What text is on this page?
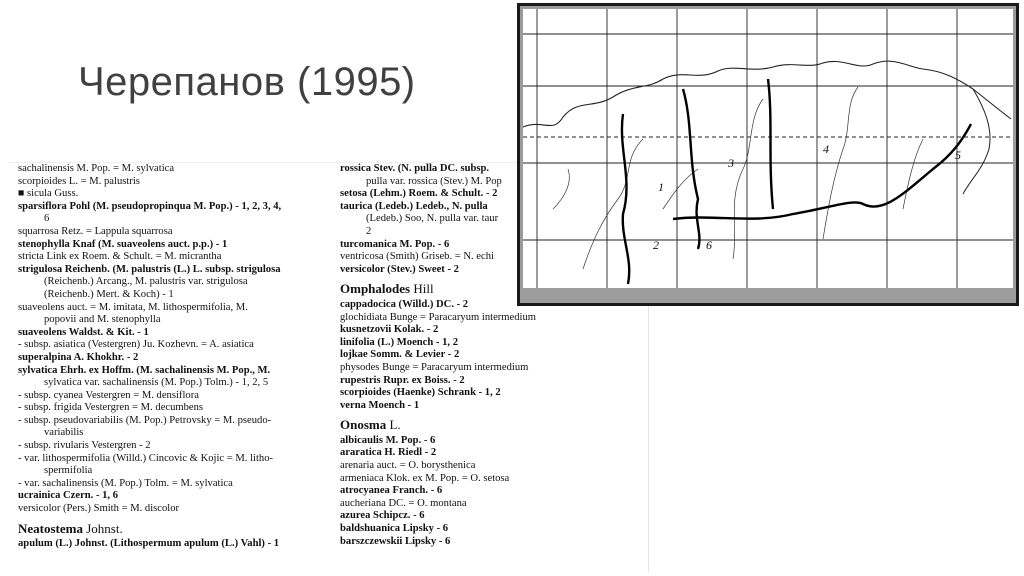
Черепанов (1995)
sachalinensis M. Pop. = M. sylvatica
scorpioides L. = M. palustris
■ sicula Guss.
sparsiflora Pohl (M. pseudopropinqua M. Pop.) - 1, 2, 3, 4,
6
squarrosa Retz. = Lappula squarrosa
stenophylla Knaf (M. suaveolens auct. p.p.) - 1
stricta Link ex Roem. & Schult. = M. micrantha
strigulosa Reichenb. (M. palustris (L.) L. subsp. strigulosa
(Reichenb.) Arcang., M. palustris var. strigulosa
(Reichenb.) Mert. & Koch) - 1
suaveolens auct. = M. imitata, M. lithospermifolia, M.
popovii and M. stenophylla
suaveolens Waldst. & Kit. - 1
- subsp. asiatica (Vestergren) Ju. Kozhevn. = A. asiatica
superalpina A. Khokhr. - 2
sylvatica Ehrh. ex Hoffm. (M. sachalinensis M. Pop., M.
sylvatica var. sachalinensis (M. Pop.) Tolm.) - 1, 2, 5
- subsp. cyanea Vestergren = M. densiflora
- subsp. frigida Vestergren = M. decumbens
- subsp. pseudovariabilis (M. Pop.) Petrovsky = M. pseudo-
variabilis
- subsp. rivularis Vestergren - 2
- var. lithospermifolia (Willd.) Cincovic & Kojic = M. litho-
spermifolia
- var. sachalinensis (M. Pop.) Tolm. = M. sylvatica
ucrainica Czern. - 1, 6
versicolor (Pers.) Smith = M. discolor
Neatostema Johnst.
apulum (L.) Johnst. (Lithospermum apulum (L.) Vahl) - 1
rossica Stev. (N. pulla DC. subsp.
pulla var. rossica (Stev.) M. Pop
setosa (Lehm.) Roem. & Schult. - 2
taurica (Ledeb.) Ledeb., N. pulla
(Ledeb.) Soo, N. pulla var. taur
2
turcomanica M. Pop. - 6
ventricosa (Smith) Griseb. = N. echi
versicolor (Stev.) Sweet - 2
Omphalodes Hill
cappadocica (Willd.) DC. - 2
glochidiata Bunge = Paracaryum intermedium
kusnetzovii Kolak. - 2
linifolia (L.) Moench - 1, 2
lojkae Somm. & Levier - 2
physodes Bunge = Paracaryum intermedium
rupestris Rupr. ex Boiss. - 2
scorpioides (Haenke) Schrank - 1, 2
verna Moench - 1
Onosma L.
albicaulis M. Pop. - 6
araratica H. Riedl - 2
arenaria auct. = O. borysthenica
armeniaca Klok. ex M. Pop. = O. setosa
atrocyanea Franch. - 6
aucheriana DC. = O. montana
azurea Schipcz. - 6
baldshuanica Lipsky - 6
barszczewskii Lipsky - 6
1
2
3
4	5
6
